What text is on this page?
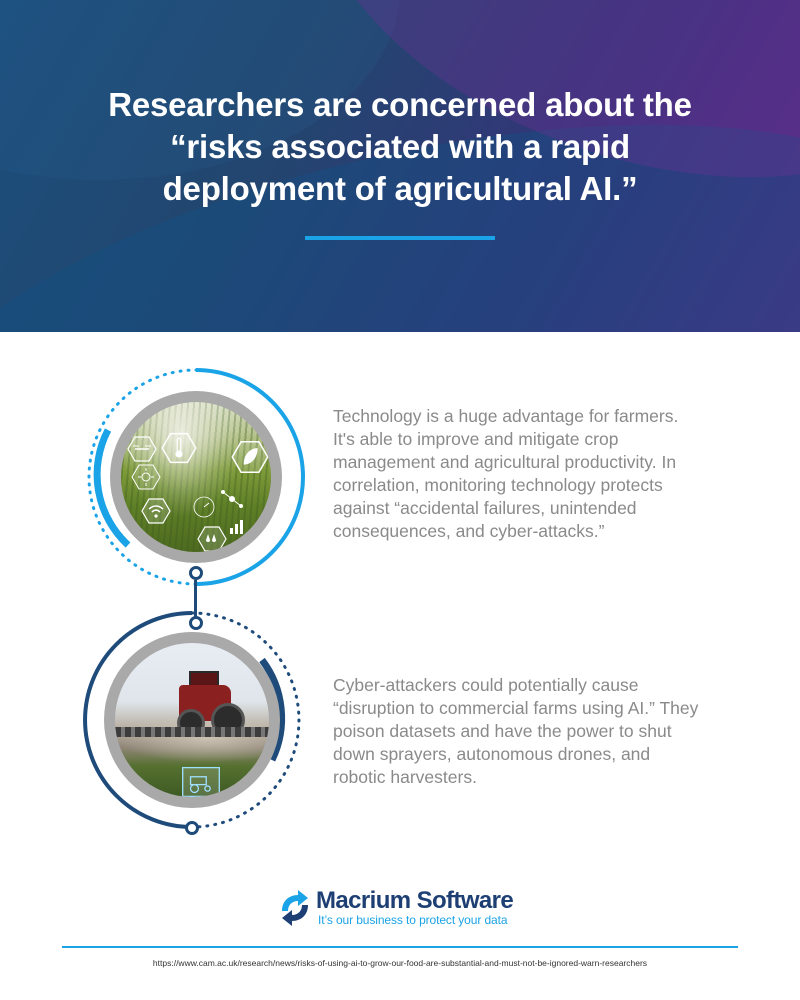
Researchers are concerned about the
“risks associated with a rapid
deployment of agricultural AI.”
Technology is a huge advantage for farmers.
It's able to improve and mitigate crop
management and agricultural productivity. In
correlation, monitoring technology protects
against “accidental failures, unintended
consequences, and cyber-attacks.”
Cyber-attackers could potentially cause
“disruption to commercial farms using AI.” They
poison datasets and have the power to shut
down sprayers, autonomous drones, and
robotic harvesters.
Macrium Software
It’s our business to protect your data
https://www.cam.ac.uk/research/news/risks-of-using-ai-to-grow-our-food-are-substantial-and-must-not-be-ignored-warn-researchers
